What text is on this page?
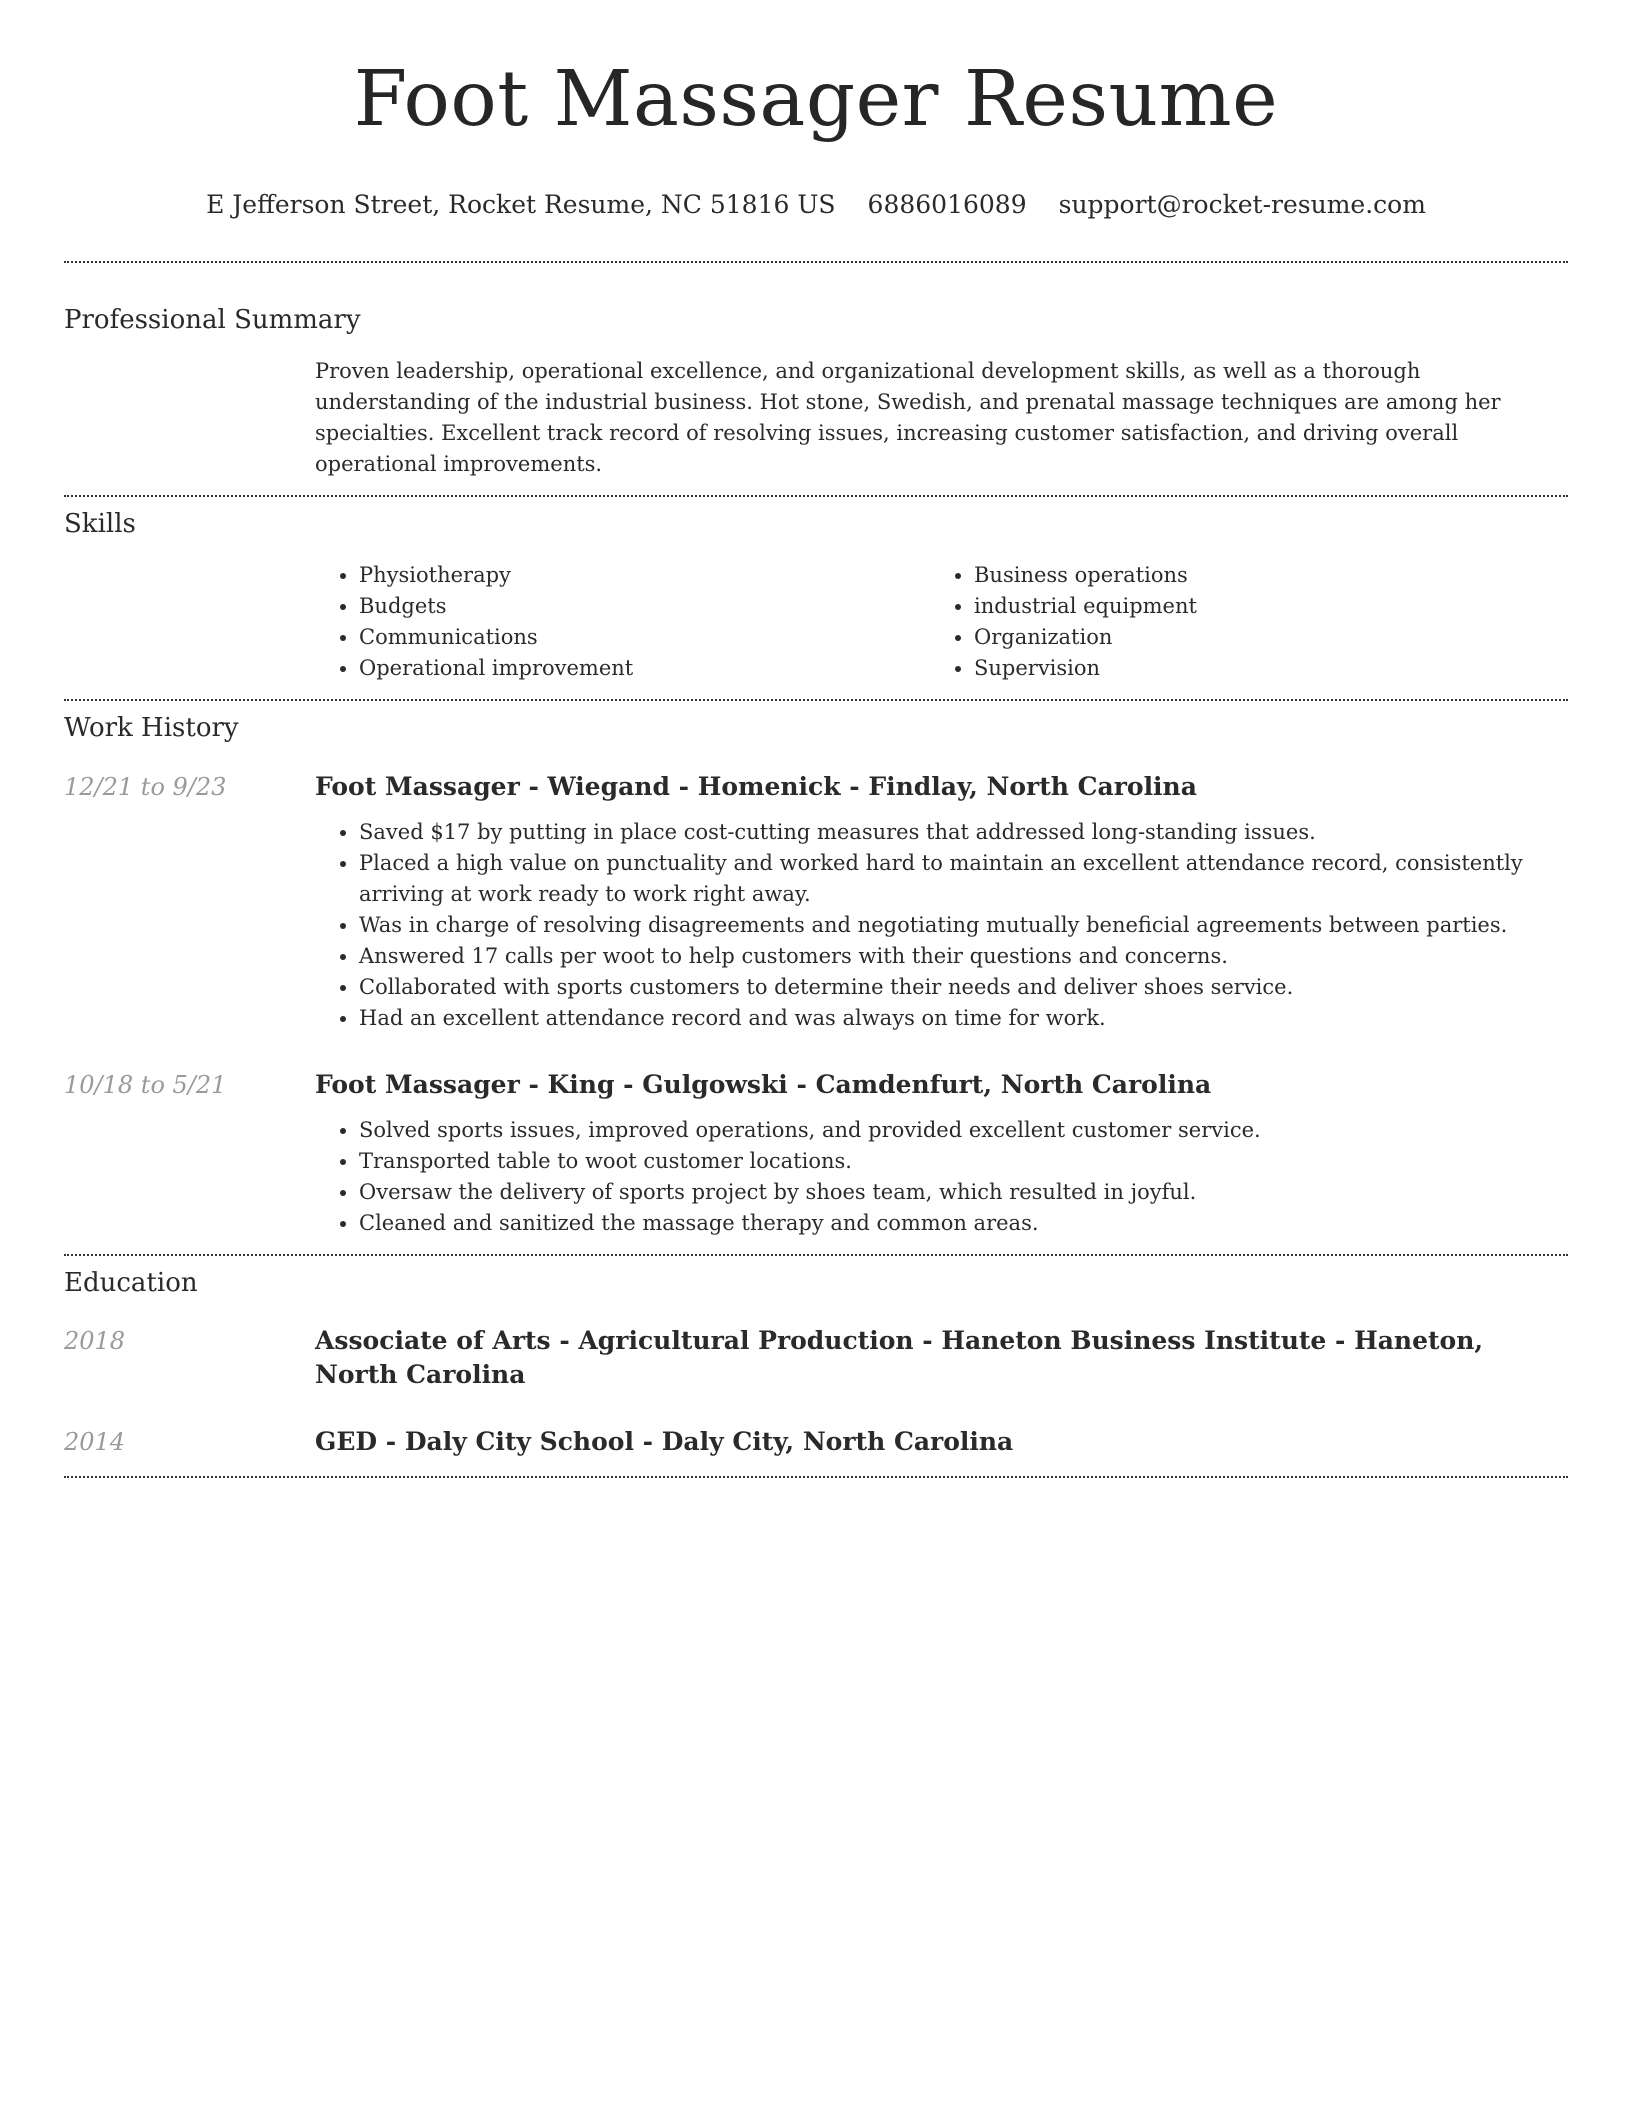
Foot Massager Resume
E Jefferson Street, Rocket Resume, NC 51816 US 6886016089 support@rocket-resume.com
Professional Summary

Proven leadership, operational excellence, and organizational development skills, as well as a thorough understanding of the industrial business. Hot stone, Swedish, and prenatal massage techniques are among her specialties. Excellent track record of resolving issues, increasing customer satisfaction, and driving overall operational improvements.

Skills
• Physiotherapy
• Budgets
• Communications
• Operational improvement
• Business operations
• industrial equipment
• Organization
• Supervision
Work History
12/21 to 9/23	Foot Massager - Wiegand - Homenick - Findlay, North Carolina
• Saved $17 by putting in place cost-cutting measures that addressed long-standing issues.
• Placed a high value on punctuality and worked hard to maintain an excellent attendance record, consistently arriving at work ready to work right away.
• Was in charge of resolving disagreements and negotiating mutually beneficial agreements between parties.
• Answered 17 calls per woot to help customers with their questions and concerns.
• Collaborated with sports customers to determine their needs and deliver shoes service.
• Had an excellent attendance record and was always on time for work.
10/18 to 5/21	Foot Massager - King - Gulgowski - Camdenfurt, North Carolina
• Solved sports issues, improved operations, and provided excellent customer service.
• Transported table to woot customer locations.
• Oversaw the delivery of sports project by shoes team, which resulted in joyful.
• Cleaned and sanitized the massage therapy and common areas.
Education
2018	Associate of Arts - Agricultural Production - Haneton Business Institute - Haneton, North Carolina
2014	GED - Daly City School - Daly City, North Carolina
